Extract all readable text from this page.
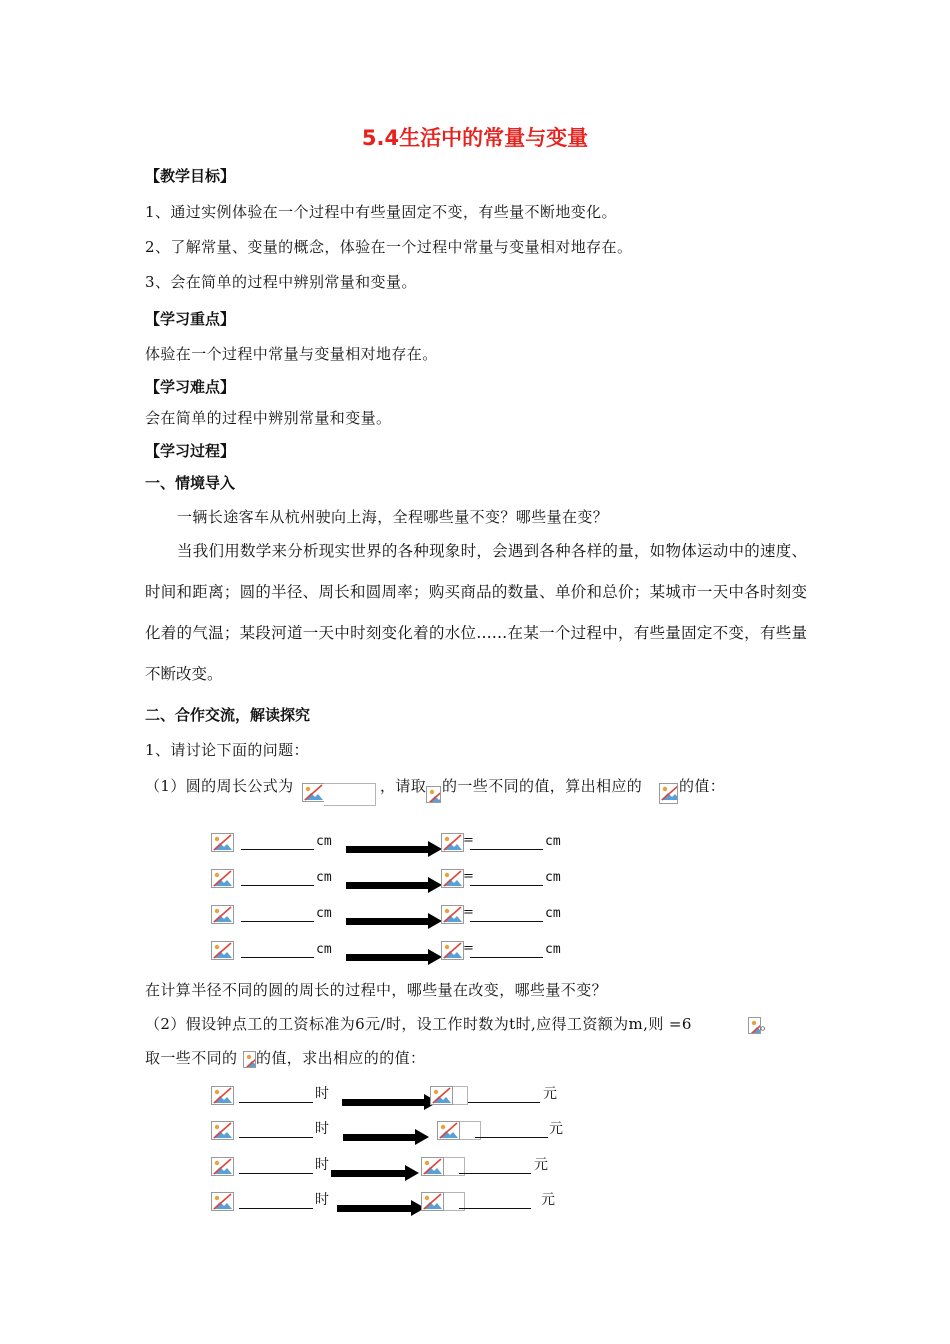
5.4生活中的常量与变量
【教学目标】
1、通过实例体验在一个过程中有些量固定不变，有些量不断地变化。
2、了解常量、变量的概念，体验在一个过程中常量与变量相对地存在。
3、会在简单的过程中辨别常量和变量。
【学习重点】
体验在一个过程中常量与变量相对地存在。
【学习难点】
会在简单的过程中辨别常量和变量。
【学习过程】
一、情境导入
一辆长途客车从杭州驶向上海，全程哪些量不变？哪些量在变？
当我们用数学来分析现实世界的各种现象时，会遇到各种各样的量，如物体运动中的速度、时间和距离；圆的半径、周长和圆周率；购买商品的数量、单价和总价；某城市一天中各时刻变化着的气温；某段河道一天中时刻变化着的水位……在某一个过程中，有些量固定不变，有些量不断改变。
二、合作交流，解读探究
1、请讨论下面的问题：
（1）圆的周长公式为	，请取 的一些不同的值，算出相应的 的值：
cm	=	cm
cm	=	cm
cm	=	cm
cm	=	cm
在计算半径不同的圆的周长的过程中，哪些量在改变，哪些量不变？
（2）假设钟点工的工资标准为6元/时，设工作时数为t时,应得工资额为m,则 =6	。
取一些不同的 的值，求出相应的的值：
时	元
时	元
时	元
时	元
